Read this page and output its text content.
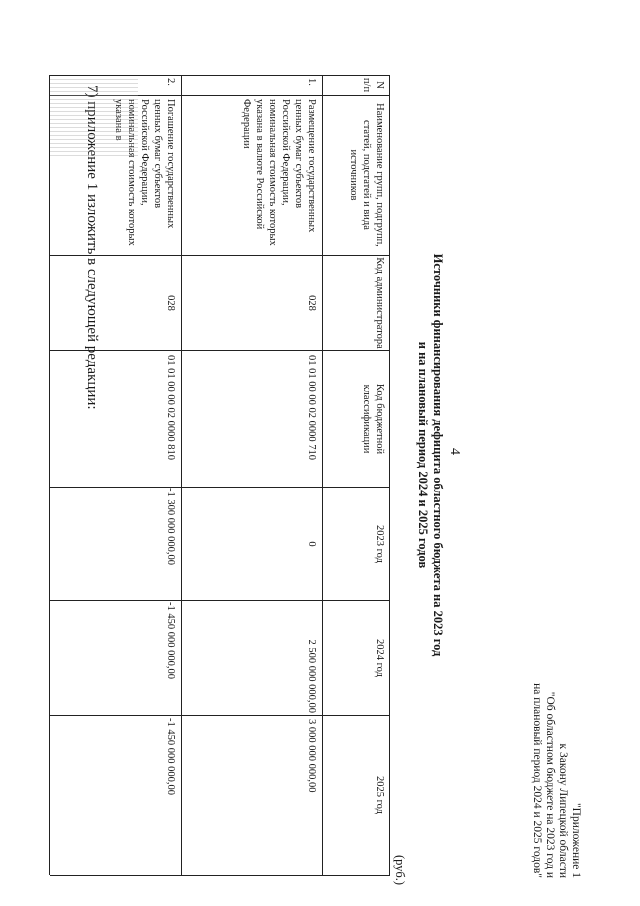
7) приложение 1 изложить в следующей редакции:
4
"Приложение 1
к Закону Липецкой области
"Об областном бюджете на 2023 год и
на плановый период 2024 и 2025 годов"
Источники финансирования дефицита областного бюджета на 2023 год
и на плановый период 2024 и 2025 годов
(руб.)
N п/п
Наименование групп, подгрупп, статей, подстатей и вида источников
Код администратора
Код бюджетной классификации
2023 год
2024 год
2025 год
1.
Размещение государственных ценных бумаг субъектов Российской Федерации, номинальная стоимость которых указана в валюте Российской Федерации
028
01 01 00 00 02 0000 710
0
2 500 000 000,00
3 000 000 000,00
2.
Погашение государственных ценных бумаг субъектов Российской Федерации, номинальная стоимость которых указана в
028
01 01 00 00 02 0000 810
-1 300 000 000,00
-1 450 000 000,00
-1 450 000 000,00
